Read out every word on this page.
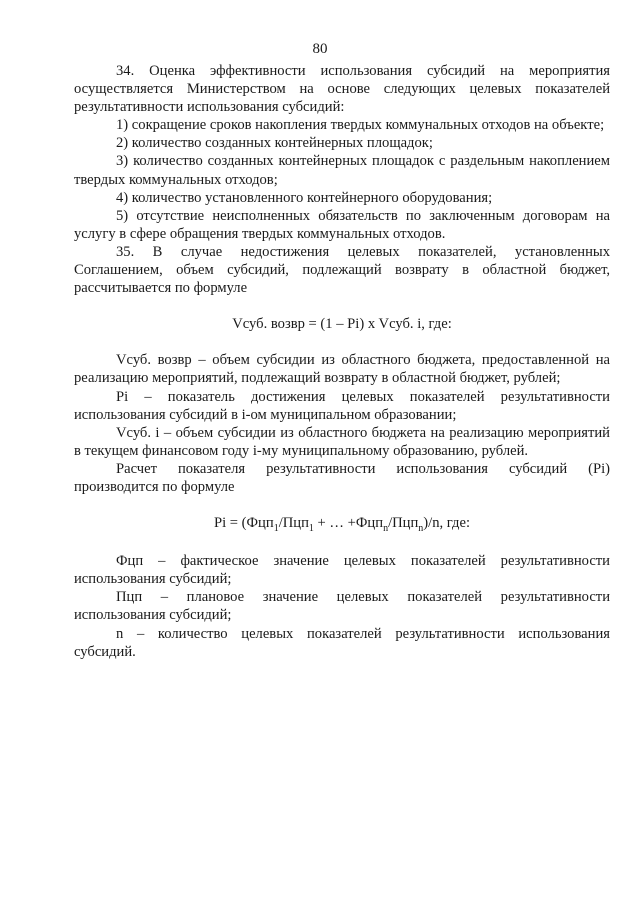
80

34. Оценка эффективности использования субсидий на мероприятия осуществляется Министерством на основе следующих целевых показателей результативности использования субсидий:

1) сокращение сроков накопления твердых коммунальных отходов на объекте;

2) количество созданных контейнерных площадок;

3) количество созданных контейнерных площадок с раздельным накоплением твердых коммунальных отходов;

4) количество установленного контейнерного оборудования;

5) отсутствие неисполненных обязательств по заключенным договорам на услугу в сфере обращения твердых коммунальных отходов.

35. В случае недостижения целевых показателей, установленных Соглашением, объем субсидий, подлежащий возврату в областной бюджет, рассчитывается по формуле

Vсуб. возвр = (1 – Pi) x Vсуб. i, где:

Vсуб. возвр – объем субсидии из областного бюджета, предоставленной на реализацию мероприятий, подлежащий возврату в областной бюджет, рублей;

Pi – показатель достижения целевых показателей результативности использования субсидий в i-ом муниципальном образовании;

Vсуб. i – объем субсидии из областного бюджета на реализацию мероприятий в текущем финансовом году i-му муниципальному образованию, рублей.

Расчет показателя результативности использования субсидий (Pi) производится по формуле

Pi = (Фцп$_1$/Пцп$_1$ + … +Фцп$_n$/Пцп$_n$)/n, где:

Фцп – фактическое значение целевых показателей результативности использования субсидий;

Пцп – плановое значение целевых показателей результативности использования субсидий;

n – количество целевых показателей результативности использования субсидий.
